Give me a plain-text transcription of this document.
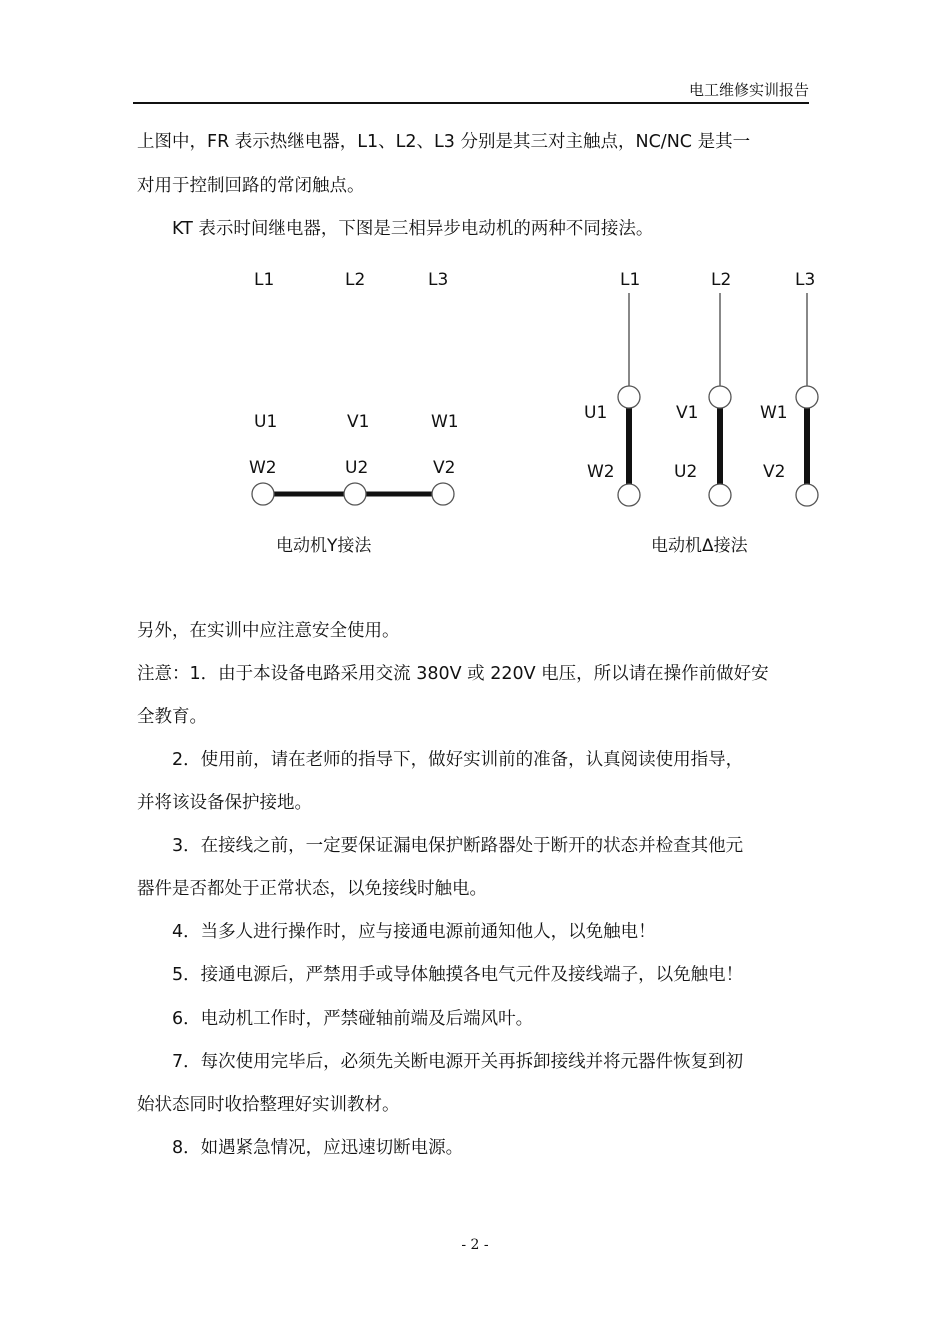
电工维修实训报告
上图中，FR 表示热继电器，L1、L2、L3 分别是其三对主触点，NC/NC 是其一
对用于控制回路的常闭触点。
KT 表示时间继电器，下图是三相异步电动机的两种不同接法。
L1	L2	L3
U1	V1	W1
W2	U2	V2
电动机Y接法
L1	L2	L3
U1	V1	W1
W2	U2	V2
电动机Δ接法
另外，在实训中应注意安全使用。
注意：1．由于本设备电路采用交流 380V 或 220V 电压，所以请在操作前做好安
全教育。
2．使用前，请在老师的指导下，做好实训前的准备，认真阅读使用指导，
并将该设备保护接地。
3．在接线之前，一定要保证漏电保护断路器处于断开的状态并检查其他元
器件是否都处于正常状态，以免接线时触电。
4．当多人进行操作时，应与接通电源前通知他人，以免触电！
5．接通电源后，严禁用手或导体触摸各电气元件及接线端子，以免触电！
6．电动机工作时，严禁碰轴前端及后端风叶。
7．每次使用完毕后，必须先关断电源开关再拆卸接线并将元器件恢复到初
始状态同时收拾整理好实训教材。
8．如遇紧急情况，应迅速切断电源。
- 2 -
